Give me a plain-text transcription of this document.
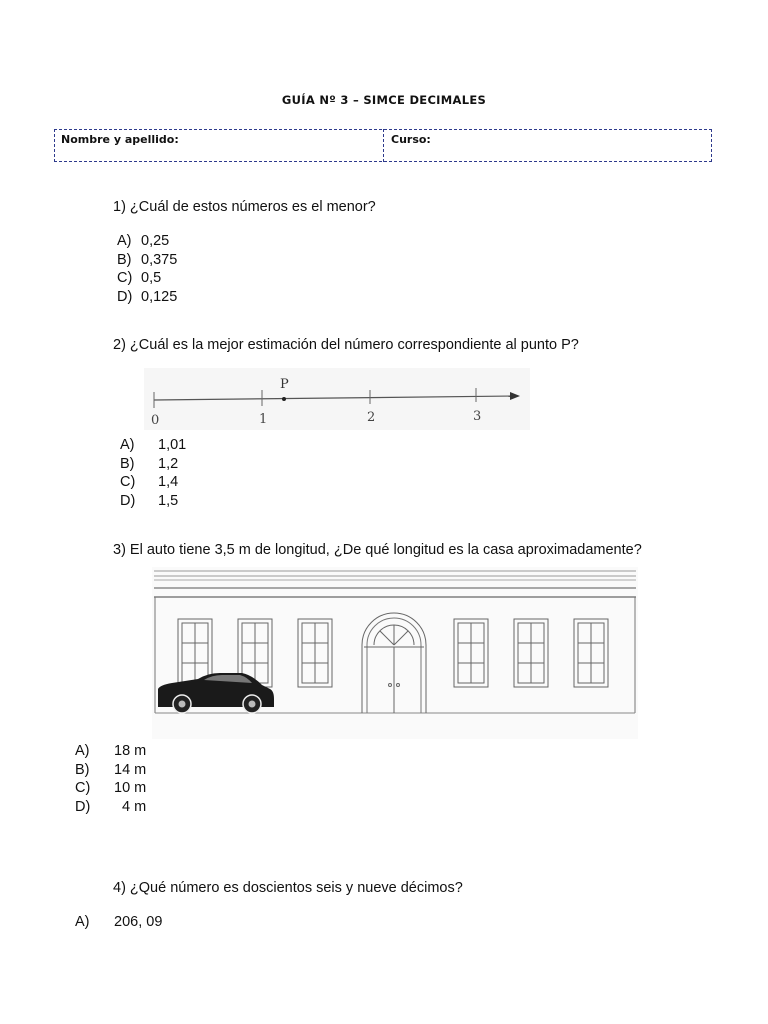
GUÍA Nº 3 – SIMCE DECIMALES
Nombre y apellido:	Curso:
1) ¿Cuál de estos números es el menor?
A) 0,25
B) 0,375
C) 0,5
D) 0,125
2) ¿Cuál es la mejor estimación del número correspondiente al punto P?
P
0	1	2	3
A) 1,01
B) 1,2
C) 1,4
D) 1,5
3) El auto tiene 3,5 m de longitud, ¿De qué longitud es la casa aproximadamente?
A) 18 m
B) 14 m
C) 10 m
D)  4 m
4) ¿Qué número es doscientos seis y nueve décimos?
A) 206, 09
